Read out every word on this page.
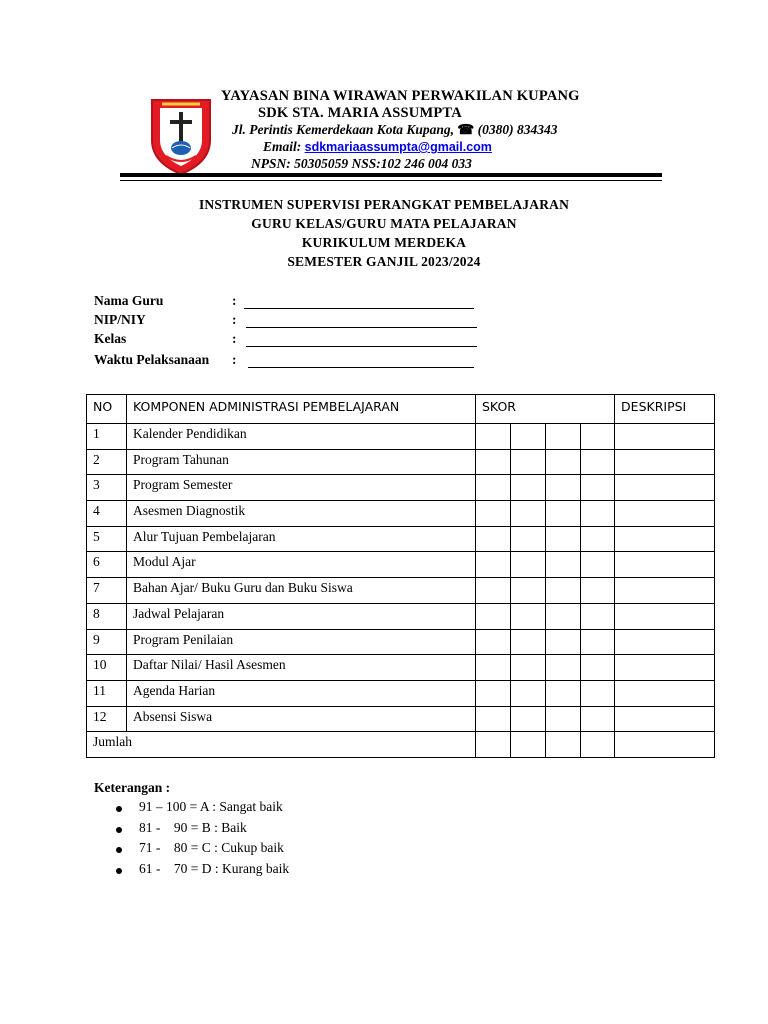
YAYASAN BINA WIRAWAN PERWAKILAN KUPANG
SDK STA. MARIA ASSUMPTA
Jl. Perintis Kemerdekaan Kota Kupang, ☎ (0380) 834343
Email: sdkmariaassumpta@gmail.com
NPSN: 50305059 NSS:102 246 004 033
INSTRUMEN SUPERVISI PERANGKAT PEMBELAJARAN
GURU KELAS/GURU MATA PELAJARAN
KURIKULUM MERDEKA
SEMESTER GANJIL 2023/2024
Nama Guru	:
NIP/NIY	:
Kelas	:
Waktu Pelaksanaan :
NO	KOMPONEN ADMINISTRASI PEMBELAJARAN	SKOR				DESKRIPSI
1	Kalender Pendidikan					
2	Program Tahunan					
3	Program Semester					
4	Asesmen Diagnostik					
5	Alur Tujuan Pembelajaran					
6	Modul Ajar					
7	Bahan Ajar/ Buku Guru dan Buku Siswa					
8	Jadwal Pelajaran					
9	Program Penilaian					
10	Daftar Nilai/ Hasil Asesmen					
11	Agenda Harian					
12	Absensi Siswa					
Jumlah						
Keterangan :
91 – 100 = A : Sangat baik
81 -    90 = B : Baik
71 -    80 = C : Cukup baik
61 -    70 = D : Kurang baik
